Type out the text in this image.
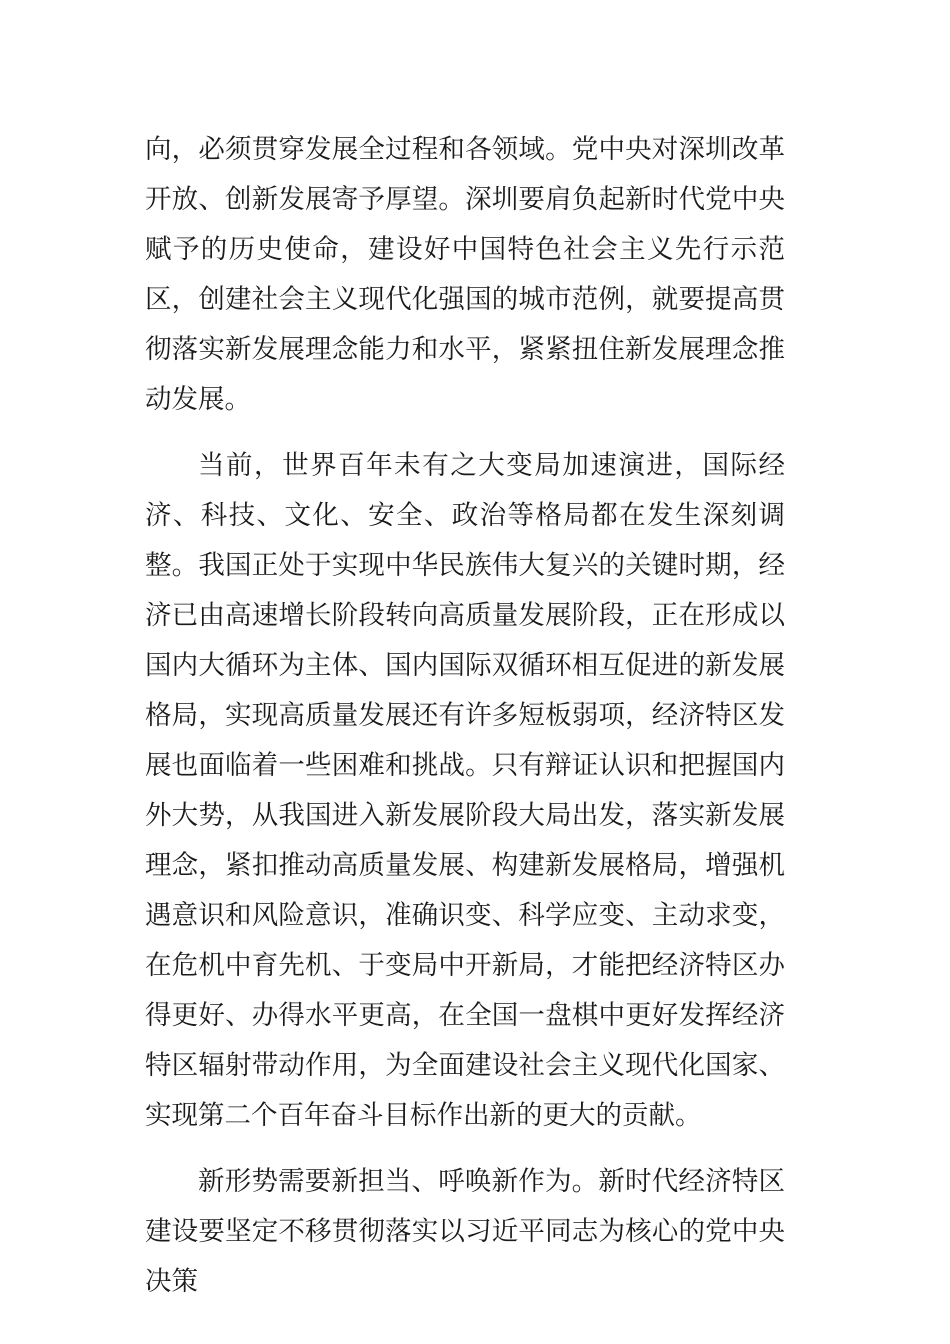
向，必须贯穿发展全过程和各领域。党中央对深圳改革开放、创新发展寄予厚望。深圳要肩负起新时代党中央赋予的历史使命，建设好中国特色社会主义先行示范区，创建社会主义现代化强国的城市范例，就要提高贯彻落实新发展理念能力和水平，紧紧扭住新发展理念推动发展。

当前，世界百年未有之大变局加速演进，国际经济、科技、文化、安全、政治等格局都在发生深刻调整。我国正处于实现中华民族伟大复兴的关键时期，经济已由高速增长阶段转向高质量发展阶段，正在形成以国内大循环为主体、国内国际双循环相互促进的新发展格局，实现高质量发展还有许多短板弱项，经济特区发展也面临着一些困难和挑战。只有辩证认识和把握国内外大势，从我国进入新发展阶段大局出发，落实新发展理念，紧扣推动高质量发展、构建新发展格局，增强机遇意识和风险意识，准确识变、科学应变、主动求变，在危机中育先机、于变局中开新局，才能把经济特区办得更好、办得水平更高，在全国一盘棋中更好发挥经济特区辐射带动作用，为全面建设社会主义现代化国家、实现第二个百年奋斗目标作出新的更大的贡献。

新形势需要新担当、呼唤新作为。新时代经济特区建设要坚定不移贯彻落实以习近平同志为核心的党中央决策
